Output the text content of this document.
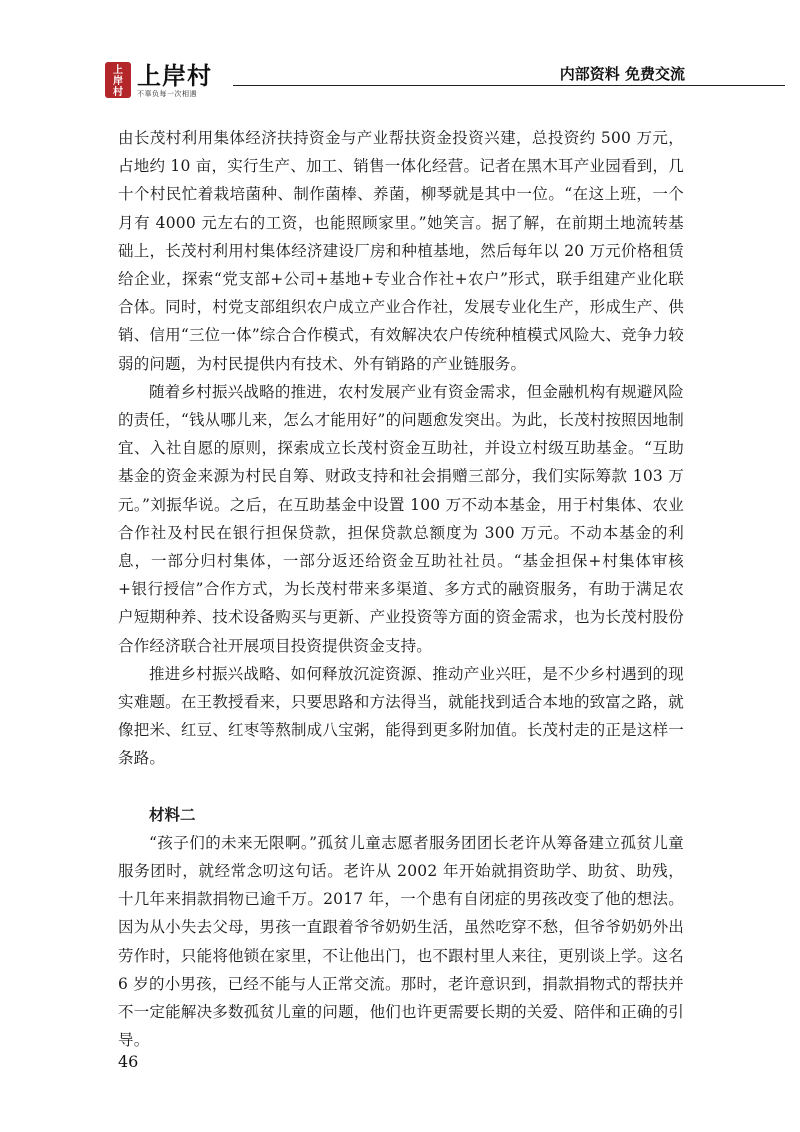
上
岸
村
上岸村
不辜负每一次相遇
内部资料 免费交流

由长茂村利用集体经济扶持资金与产业帮扶资金投资兴建，总投资约 500 万元，占地约 10 亩，实行生产、加工、销售一体化经营。记者在黑木耳产业园看到，几十个村民忙着栽培菌种、制作菌棒、养菌，柳琴就是其中一位。“在这上班，一个月有 4000 元左右的工资，也能照顾家里。”她笑言。据了解，在前期土地流转基础上，长茂村利用村集体经济建设厂房和种植基地，然后每年以 20 万元价格租赁给企业，探索“党支部+公司+基地+专业合作社+农户”形式，联手组建产业化联合体。同时，村党支部组织农户成立产业合作社，发展专业化生产，形成生产、供销、信用“三位一体”综合合作模式，有效解决农户传统种植模式风险大、竞争力较弱的问题，为村民提供内有技术、外有销路的产业链服务。

随着乡村振兴战略的推进，农村发展产业有资金需求，但金融机构有规避风险的责任，“钱从哪儿来，怎么才能用好”的问题愈发突出。为此，长茂村按照因地制宜、入社自愿的原则，探索成立长茂村资金互助社，并设立村级互助基金。“互助基金的资金来源为村民自筹、财政支持和社会捐赠三部分，我们实际筹款 103 万元。”刘振华说。之后，在互助基金中设置 100 万不动本基金，用于村集体、农业合作社及村民在银行担保贷款，担保贷款总额度为 300 万元。不动本基金的利息，一部分归村集体，一部分返还给资金互助社社员。“基金担保+村集体审核+银行授信”合作方式，为长茂村带来多渠道、多方式的融资服务，有助于满足农户短期种养、技术设备购买与更新、产业投资等方面的资金需求，也为长茂村股份合作经济联合社开展项目投资提供资金支持。

推进乡村振兴战略、如何释放沉淀资源、推动产业兴旺，是不少乡村遇到的现实难题。在王教授看来，只要思路和方法得当，就能找到适合本地的致富之路，就像把米、红豆、红枣等熬制成八宝粥，能得到更多附加值。长茂村走的正是这样一条路。

材料二

“孩子们的未来无限啊。”孤贫儿童志愿者服务团团长老许从筹备建立孤贫儿童服务团时，就经常念叨这句话。老许从 2002 年开始就捐资助学、助贫、助残，十几年来捐款捐物已逾千万。2017 年，一个患有自闭症的男孩改变了他的想法。因为从小失去父母，男孩一直跟着爷爷奶奶生活，虽然吃穿不愁，但爷爷奶奶外出劳作时，只能将他锁在家里，不让他出门，也不跟村里人来往，更别谈上学。这名 6 岁的小男孩，已经不能与人正常交流。那时，老许意识到，捐款捐物式的帮扶并不一定能解决多数孤贫儿童的问题，他们也许更需要长期的关爱、陪伴和正确的引导。

46
